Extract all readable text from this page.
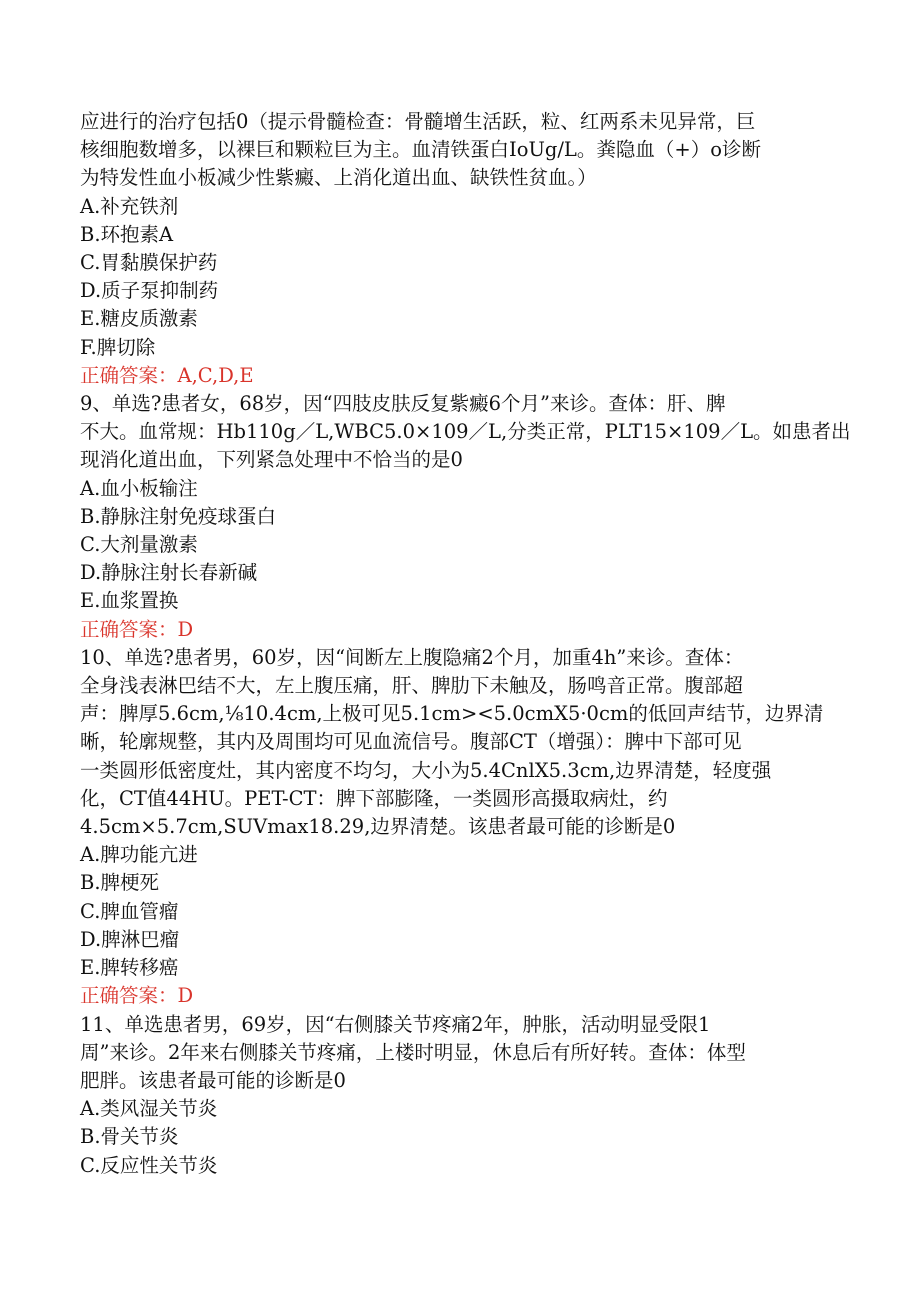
应进行的治疗包括0（提示骨髓检查：骨髓增生活跃，粒、红两系未见异常，巨
核细胞数增多，以裸巨和颗粒巨为主。血清铁蛋白IoUg/L。粪隐血（+）o诊断
为特发性血小板减少性紫癜、上消化道出血、缺铁性贫血。）
A.补充铁剂
B.环抱素A
C.胃黏膜保护药
D.质子泵抑制药
E.糖皮质激素
F.脾切除
正确答案：A,C,D,E
9、单选?患者女，68岁，因“四肢皮肤反复紫癜6个月”来诊。查体：肝、脾
不大。血常规：Hb110g／L,WBC5.0×109／L,分类正常，PLT15×109／L。如患者出
现消化道出血，下列紧急处理中不恰当的是0
A.血小板输注
B.静脉注射免疫球蛋白
C.大剂量激素
D.静脉注射长春新碱
E.血浆置换
正确答案：D
10、单选?患者男，60岁，因“间断左上腹隐痛2个月，加重4h”来诊。查体：
全身浅表淋巴结不大，左上腹压痛，肝、脾肋下未触及，肠鸣音正常。腹部超
声：脾厚5.6cm,⅛10.4cm,上极可见5.1cm><5.0cmX5·0cm的低回声结节，边界清
晰，轮廓规整，其内及周围均可见血流信号。腹部CT（增强）：脾中下部可见
一类圆形低密度灶，其内密度不均匀，大小为5.4CnlX5.3cm,边界清楚，轻度强
化，CT值44HU。PET-CT：脾下部膨隆，一类圆形高摄取病灶，约
4.5cm×5.7cm,SUVmax18.29,边界清楚。该患者最可能的诊断是0
A.脾功能亢进
B.脾梗死
C.脾血管瘤
D.脾淋巴瘤
E.脾转移癌
正确答案：D
11、单选患者男，69岁，因“右侧膝关节疼痛2年，肿胀，活动明显受限1
周”来诊。2年来右侧膝关节疼痛，上楼时明显，休息后有所好转。查体：体型
肥胖。该患者最可能的诊断是0
A.类风湿关节炎
B.骨关节炎
C.反应性关节炎
